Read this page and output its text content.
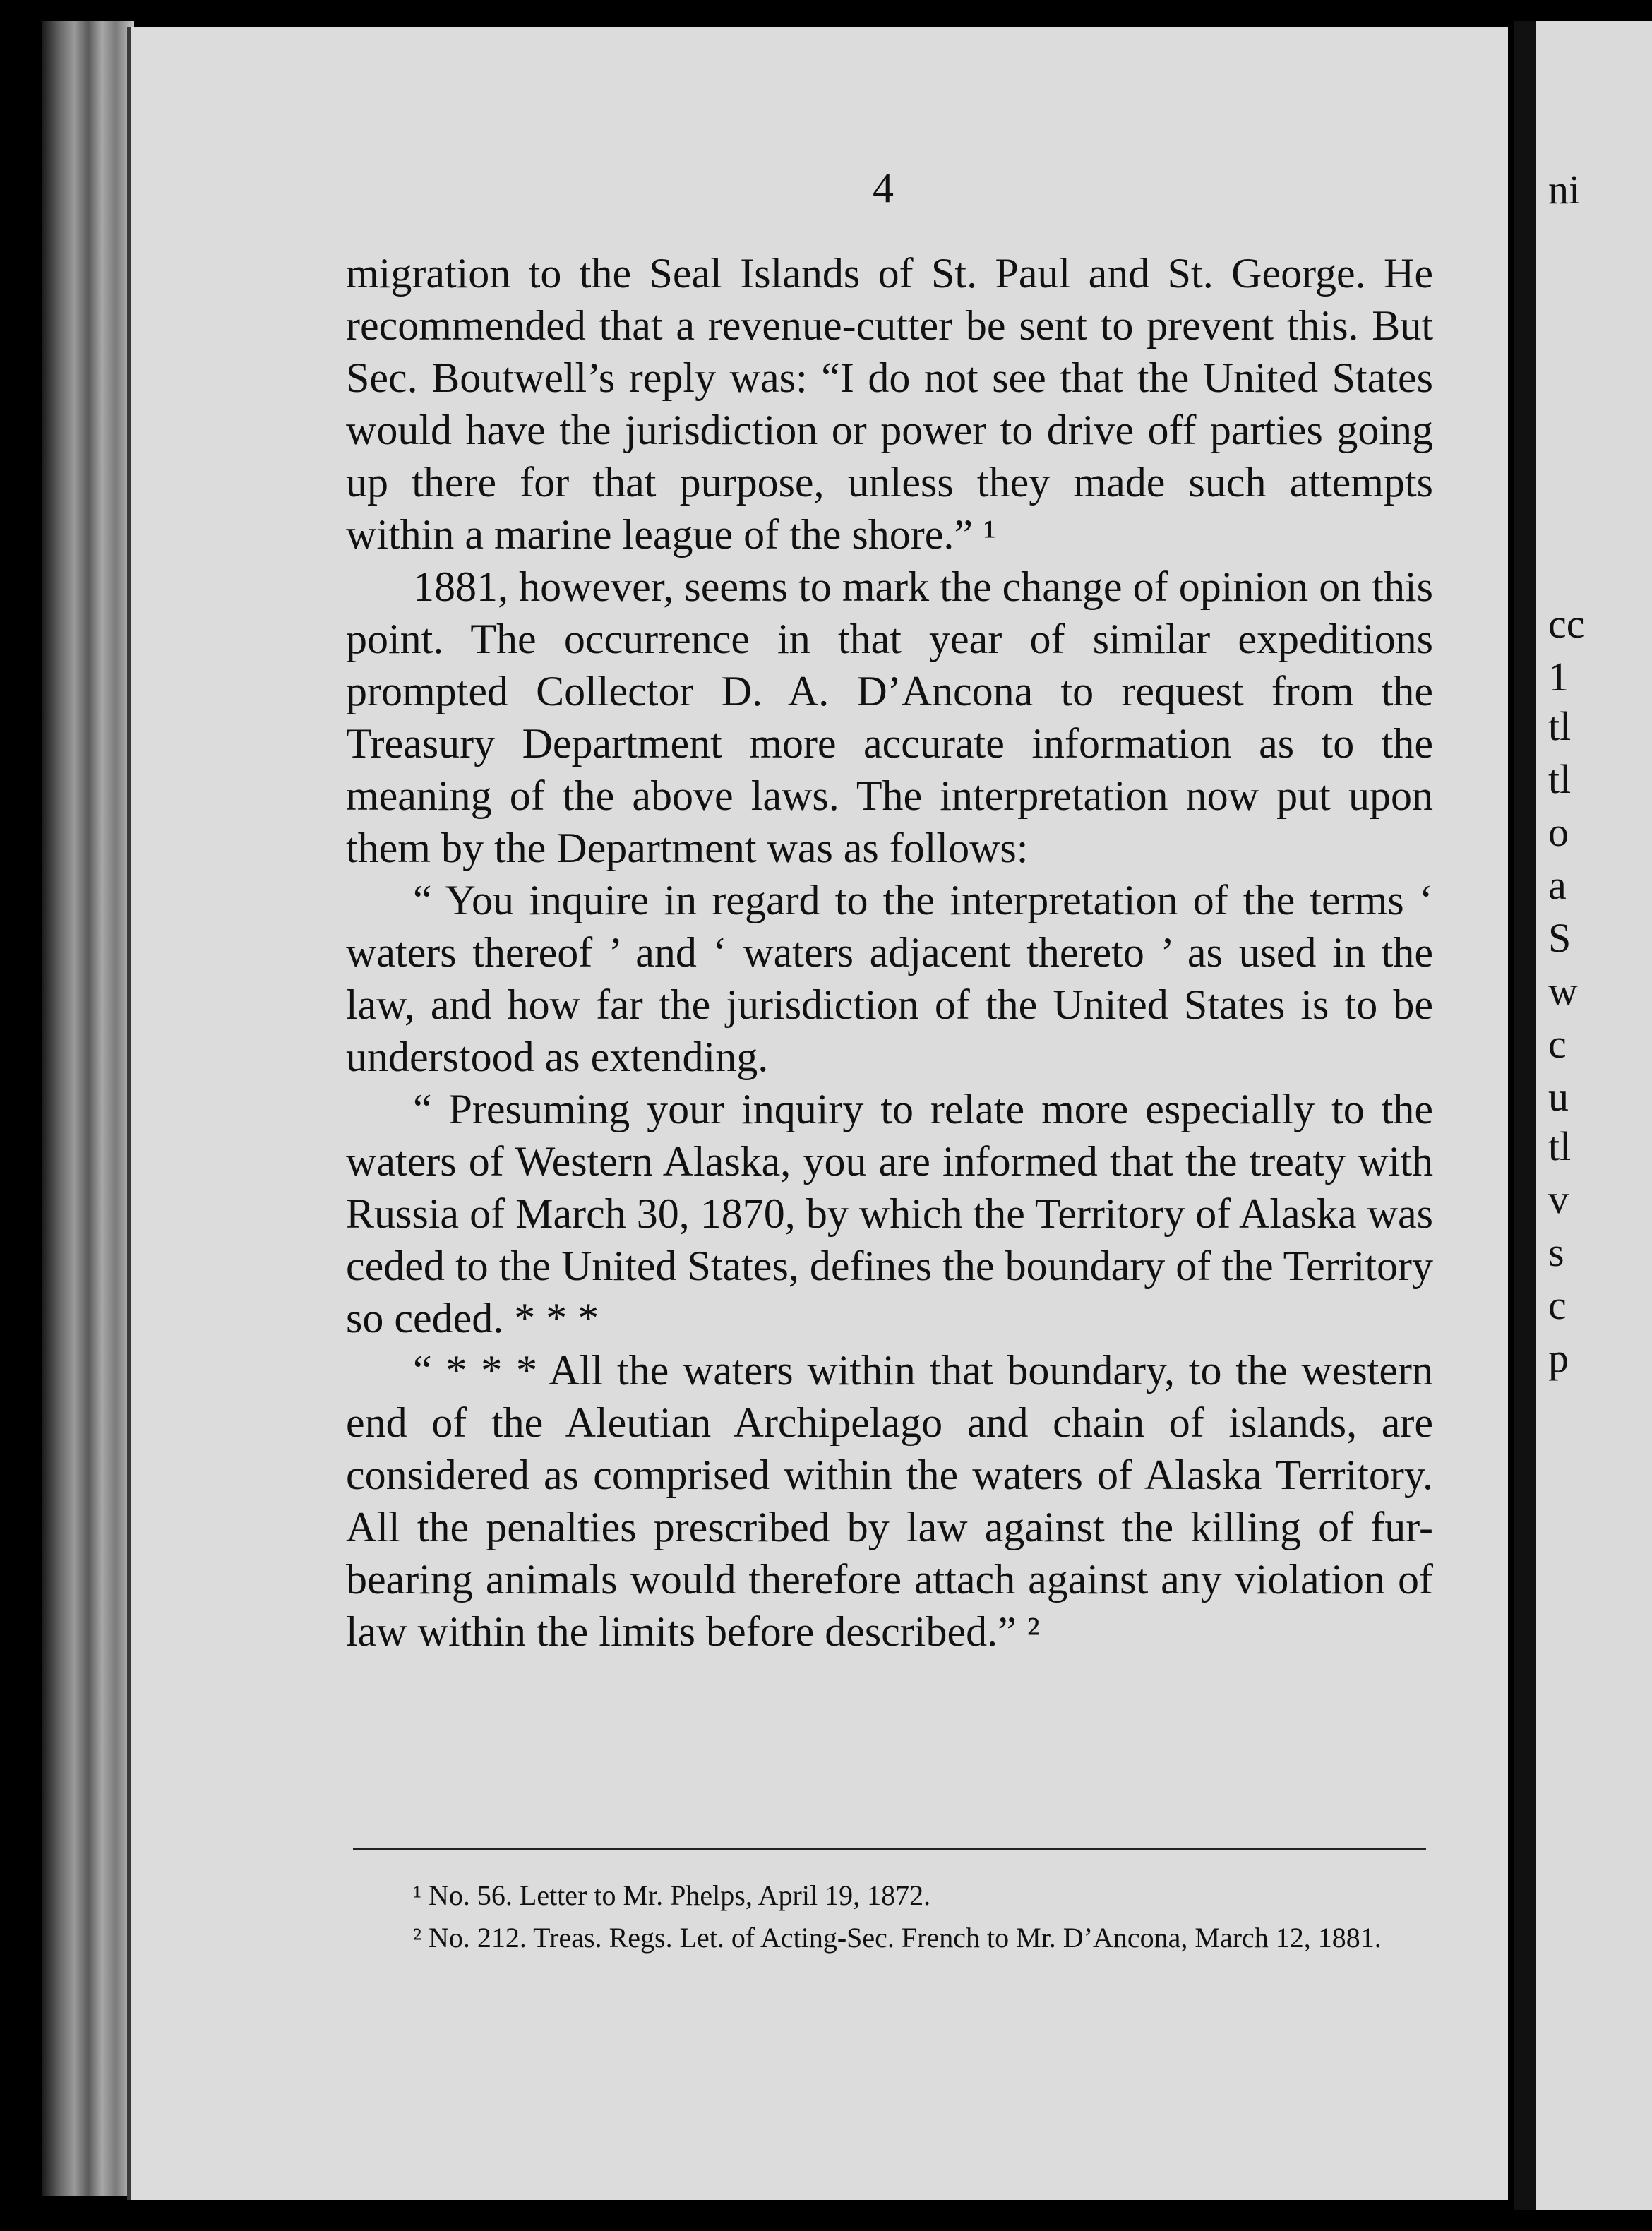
ni
cc
1
tl
tl
o
a
S
w
c
u
tl
v
s
c
p
4

migration to the Seal Islands of St. Paul and St. George. He recommended that a revenue-cutter be sent to prevent this. But Sec. Boutwell’s reply was: “I do not see that the United States would have the jurisdiction or power to drive off parties going up there for that purpose, unless they made such attempts within a marine league of the shore.” ¹

1881, however, seems to mark the change of opinion on this point. The occurrence in that year of similar expeditions prompted Collector D. A. D’Ancona to request from the Treasury Department more accurate information as to the meaning of the above laws. The interpretation now put upon them by the Department was as follows:

“ You inquire in regard to the interpretation of the terms ‘ waters thereof ’ and ‘ waters adjacent thereto ’ as used in the law, and how far the jurisdiction of the United States is to be understood as extending.

“ Presuming your inquiry to relate more especially to the waters of Western Alaska, you are informed that the treaty with Russia of March 30, 1870, by which the Territory of Alaska was ceded to the United States, defines the boundary of the Territory so ceded. * * *

“ * * * All the waters within that boundary, to the western end of the Aleutian Archipelago and chain of islands, are considered as comprised within the waters of Alaska Territory. All the penalties prescribed by law against the killing of fur-bearing animals would therefore attach against any violation of law within the limits before described.” ²

¹ No. 56. Letter to Mr. Phelps, April 19, 1872.

² No. 212. Treas. Regs. Let. of Acting-Sec. French to Mr. D’Ancona, March 12, 1881.
